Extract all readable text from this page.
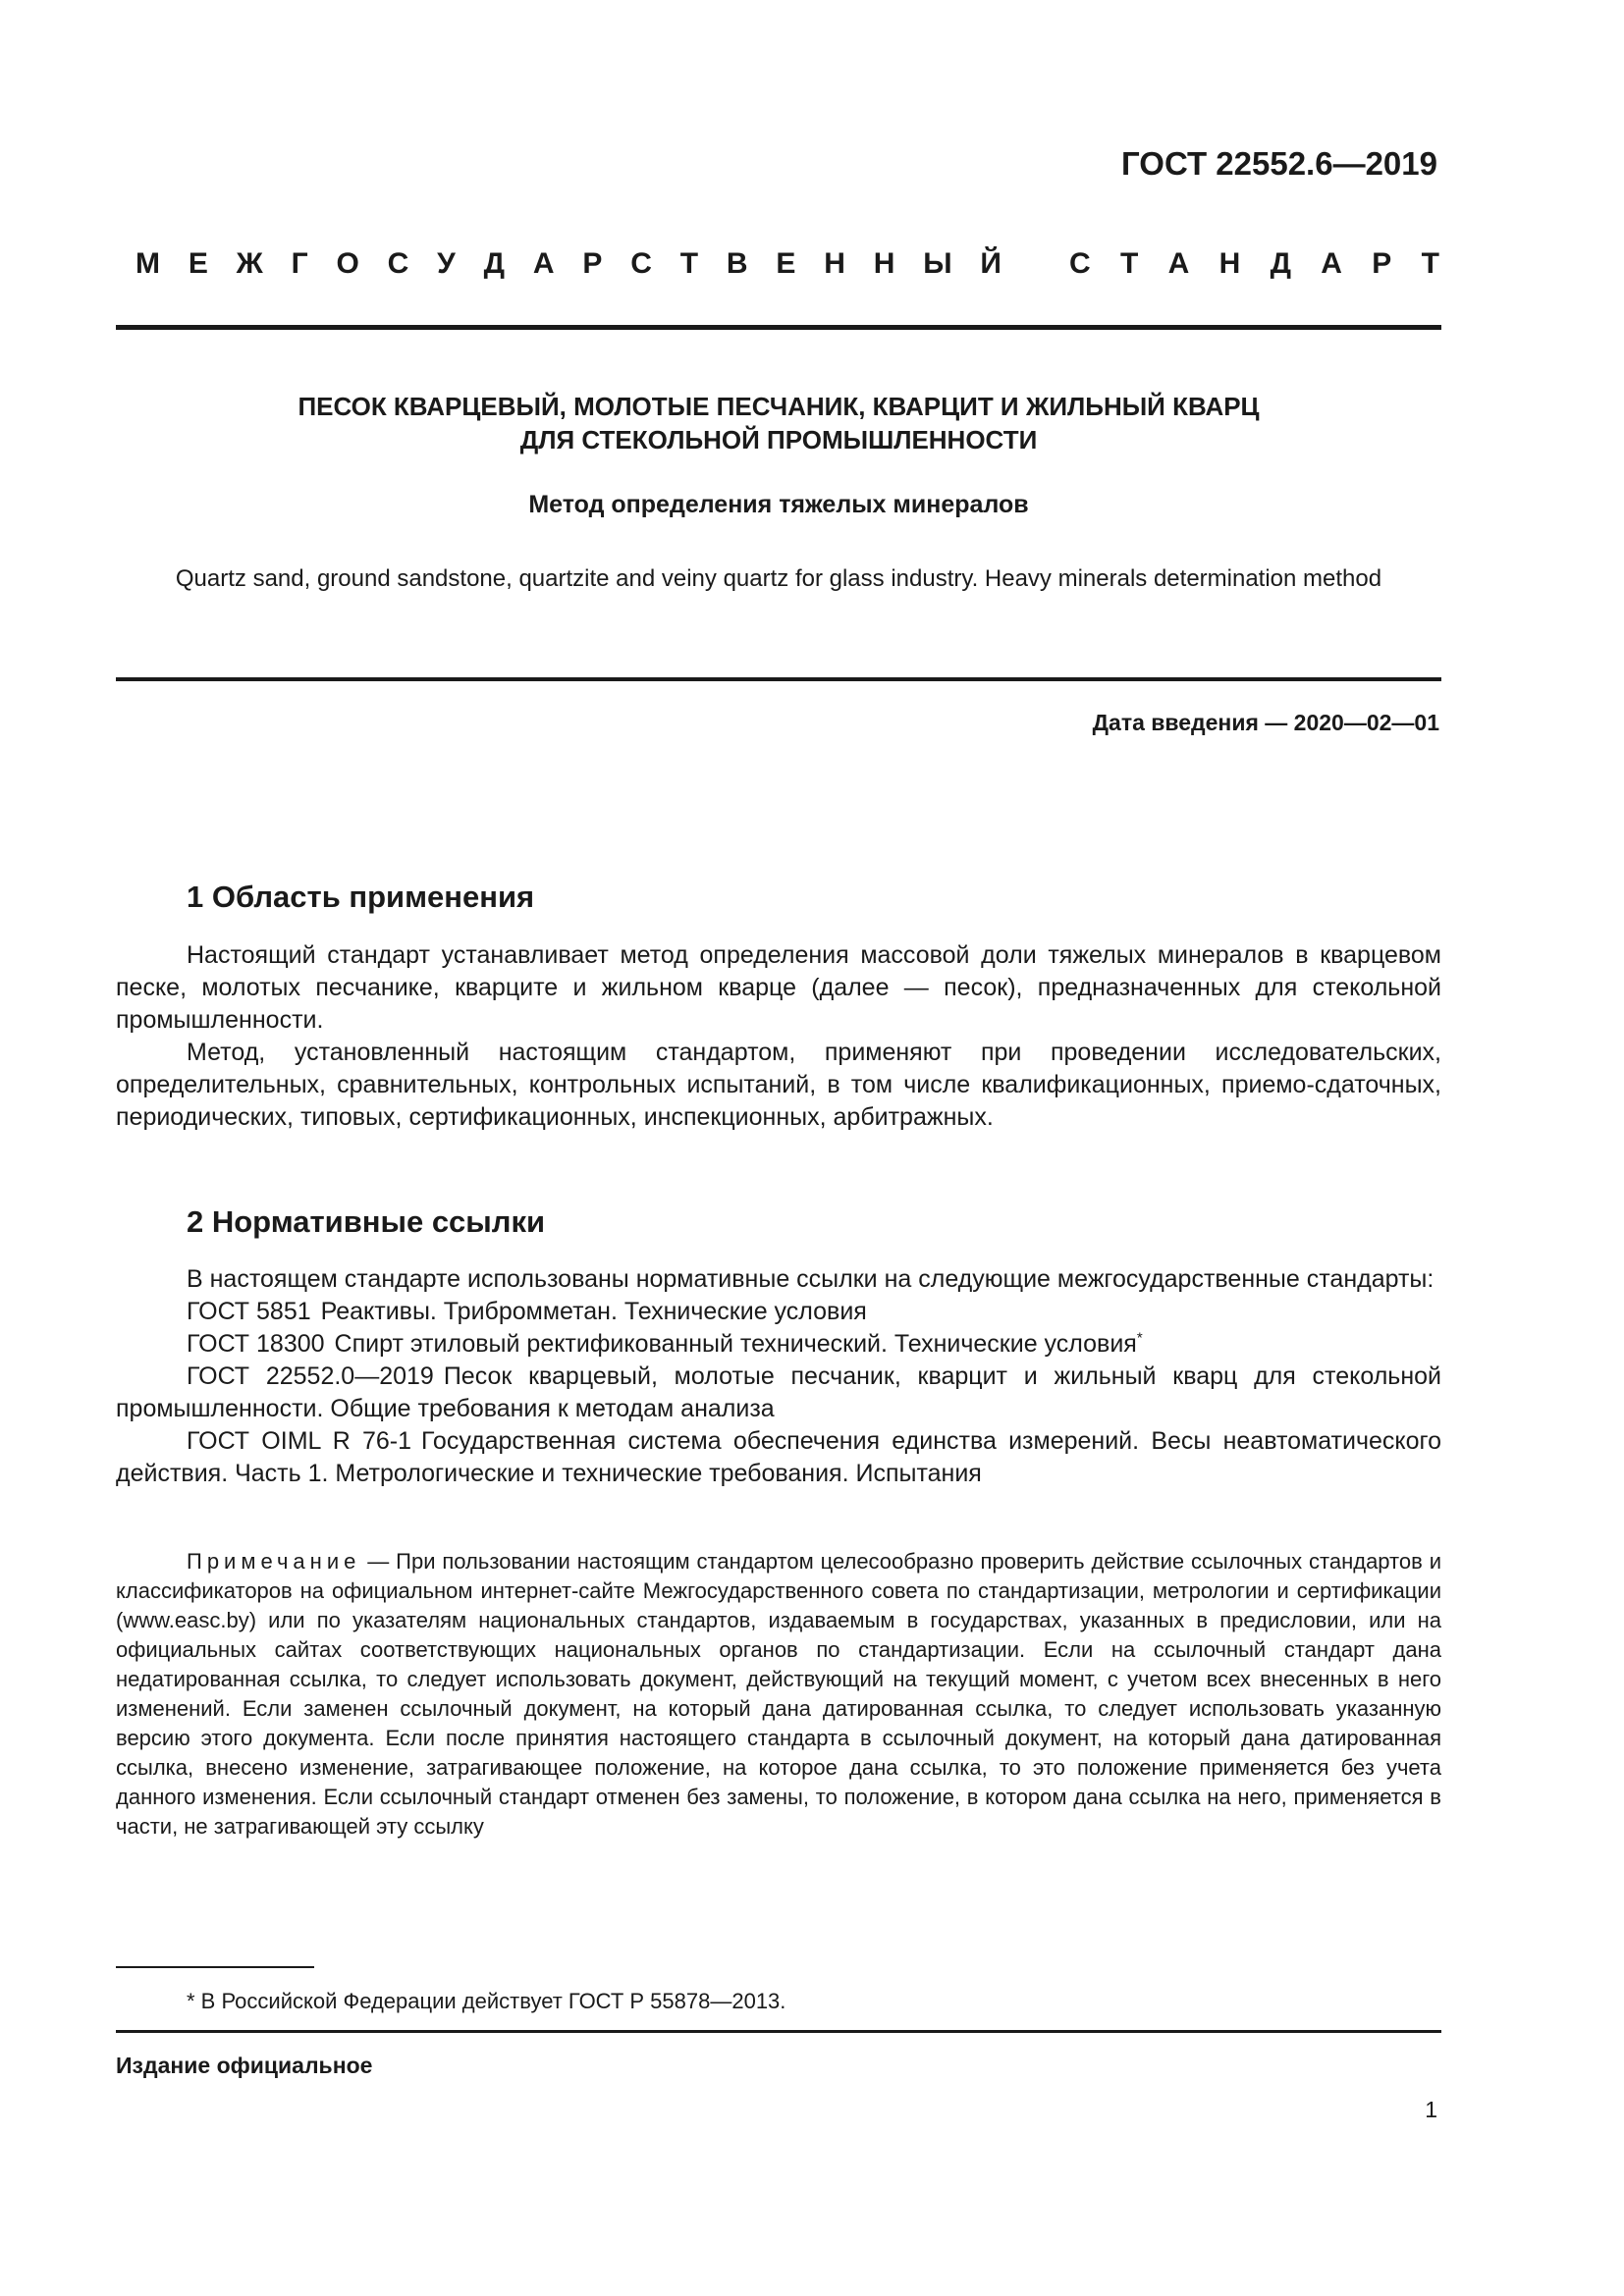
ГОСТ 22552.6—2019
М Е Ж Г О С У Д А Р С Т В Е Н Н Ы Й С Т А Н Д А Р Т
ПЕСОК КВАРЦЕВЫЙ, МОЛОТЫЕ ПЕСЧАНИК, КВАРЦИТ И ЖИЛЬНЫЙ КВАРЦ
ДЛЯ СТЕКОЛЬНОЙ ПРОМЫШЛЕННОСТИ
Метод определения тяжелых минералов
Quartz sand, ground sandstone, quartzite and veiny quartz for glass industry. Heavy minerals determination method
Дата введения — 2020—02—01
1 Область применения

Настоящий стандарт устанавливает метод определения массовой доли тяжелых минералов в кварцевом песке, молотых песчанике, кварците и жильном кварце (далее — песок), предназначенных для стекольной промышленности.

Метод, установленный настоящим стандартом, применяют при проведении исследовательских, определительных, сравнительных, контрольных испытаний, в том числе квалификационных, приемо-сдаточных, периодических, типовых, сертификационных, инспекционных, арбитражных.

2 Нормативные ссылки

В настоящем стандарте использованы нормативные ссылки на следующие межгосударственные стандарты:

ГОСТ 5851 Реактивы. Трибромметан. Технические условия

ГОСТ 18300 Спирт этиловый ректификованный технический. Технические условия*

ГОСТ 22552.0—2019 Песок кварцевый, молотые песчаник, кварцит и жильный кварц для стекольной промышленности. Общие требования к методам анализа

ГОСТ OIML R 76-1 Государственная система обеспечения единства измерений. Весы неавтоматического действия. Часть 1. Метрологические и технические требования. Испытания

Примечание — При пользовании настоящим стандартом целесообразно проверить действие ссылочных стандартов и классификаторов на официальном интернет-сайте Межгосударственного совета по стандартизации, метрологии и сертификации (www.easc.by) или по указателям национальных стандартов, издаваемым в государствах, указанных в предисловии, или на официальных сайтах соответствующих национальных органов по стандартизации. Если на ссылочный стандарт дана недатированная ссылка, то следует использовать документ, действующий на текущий момент, с учетом всех внесенных в него изменений. Если заменен ссылочный документ, на который дана датированная ссылка, то следует использовать указанную версию этого документа. Если после принятия настоящего стандарта в ссылочный документ, на который дана датированная ссылка, внесено изменение, затрагивающее положение, на которое дана ссылка, то это положение применяется без учета данного изменения. Если ссылочный стандарт отменен без замены, то положение, в котором дана ссылка на него, применяется в части, не затрагивающей эту ссылку

* В Российской Федерации действует ГОСТ Р 55878—2013.
Издание официальное
1
